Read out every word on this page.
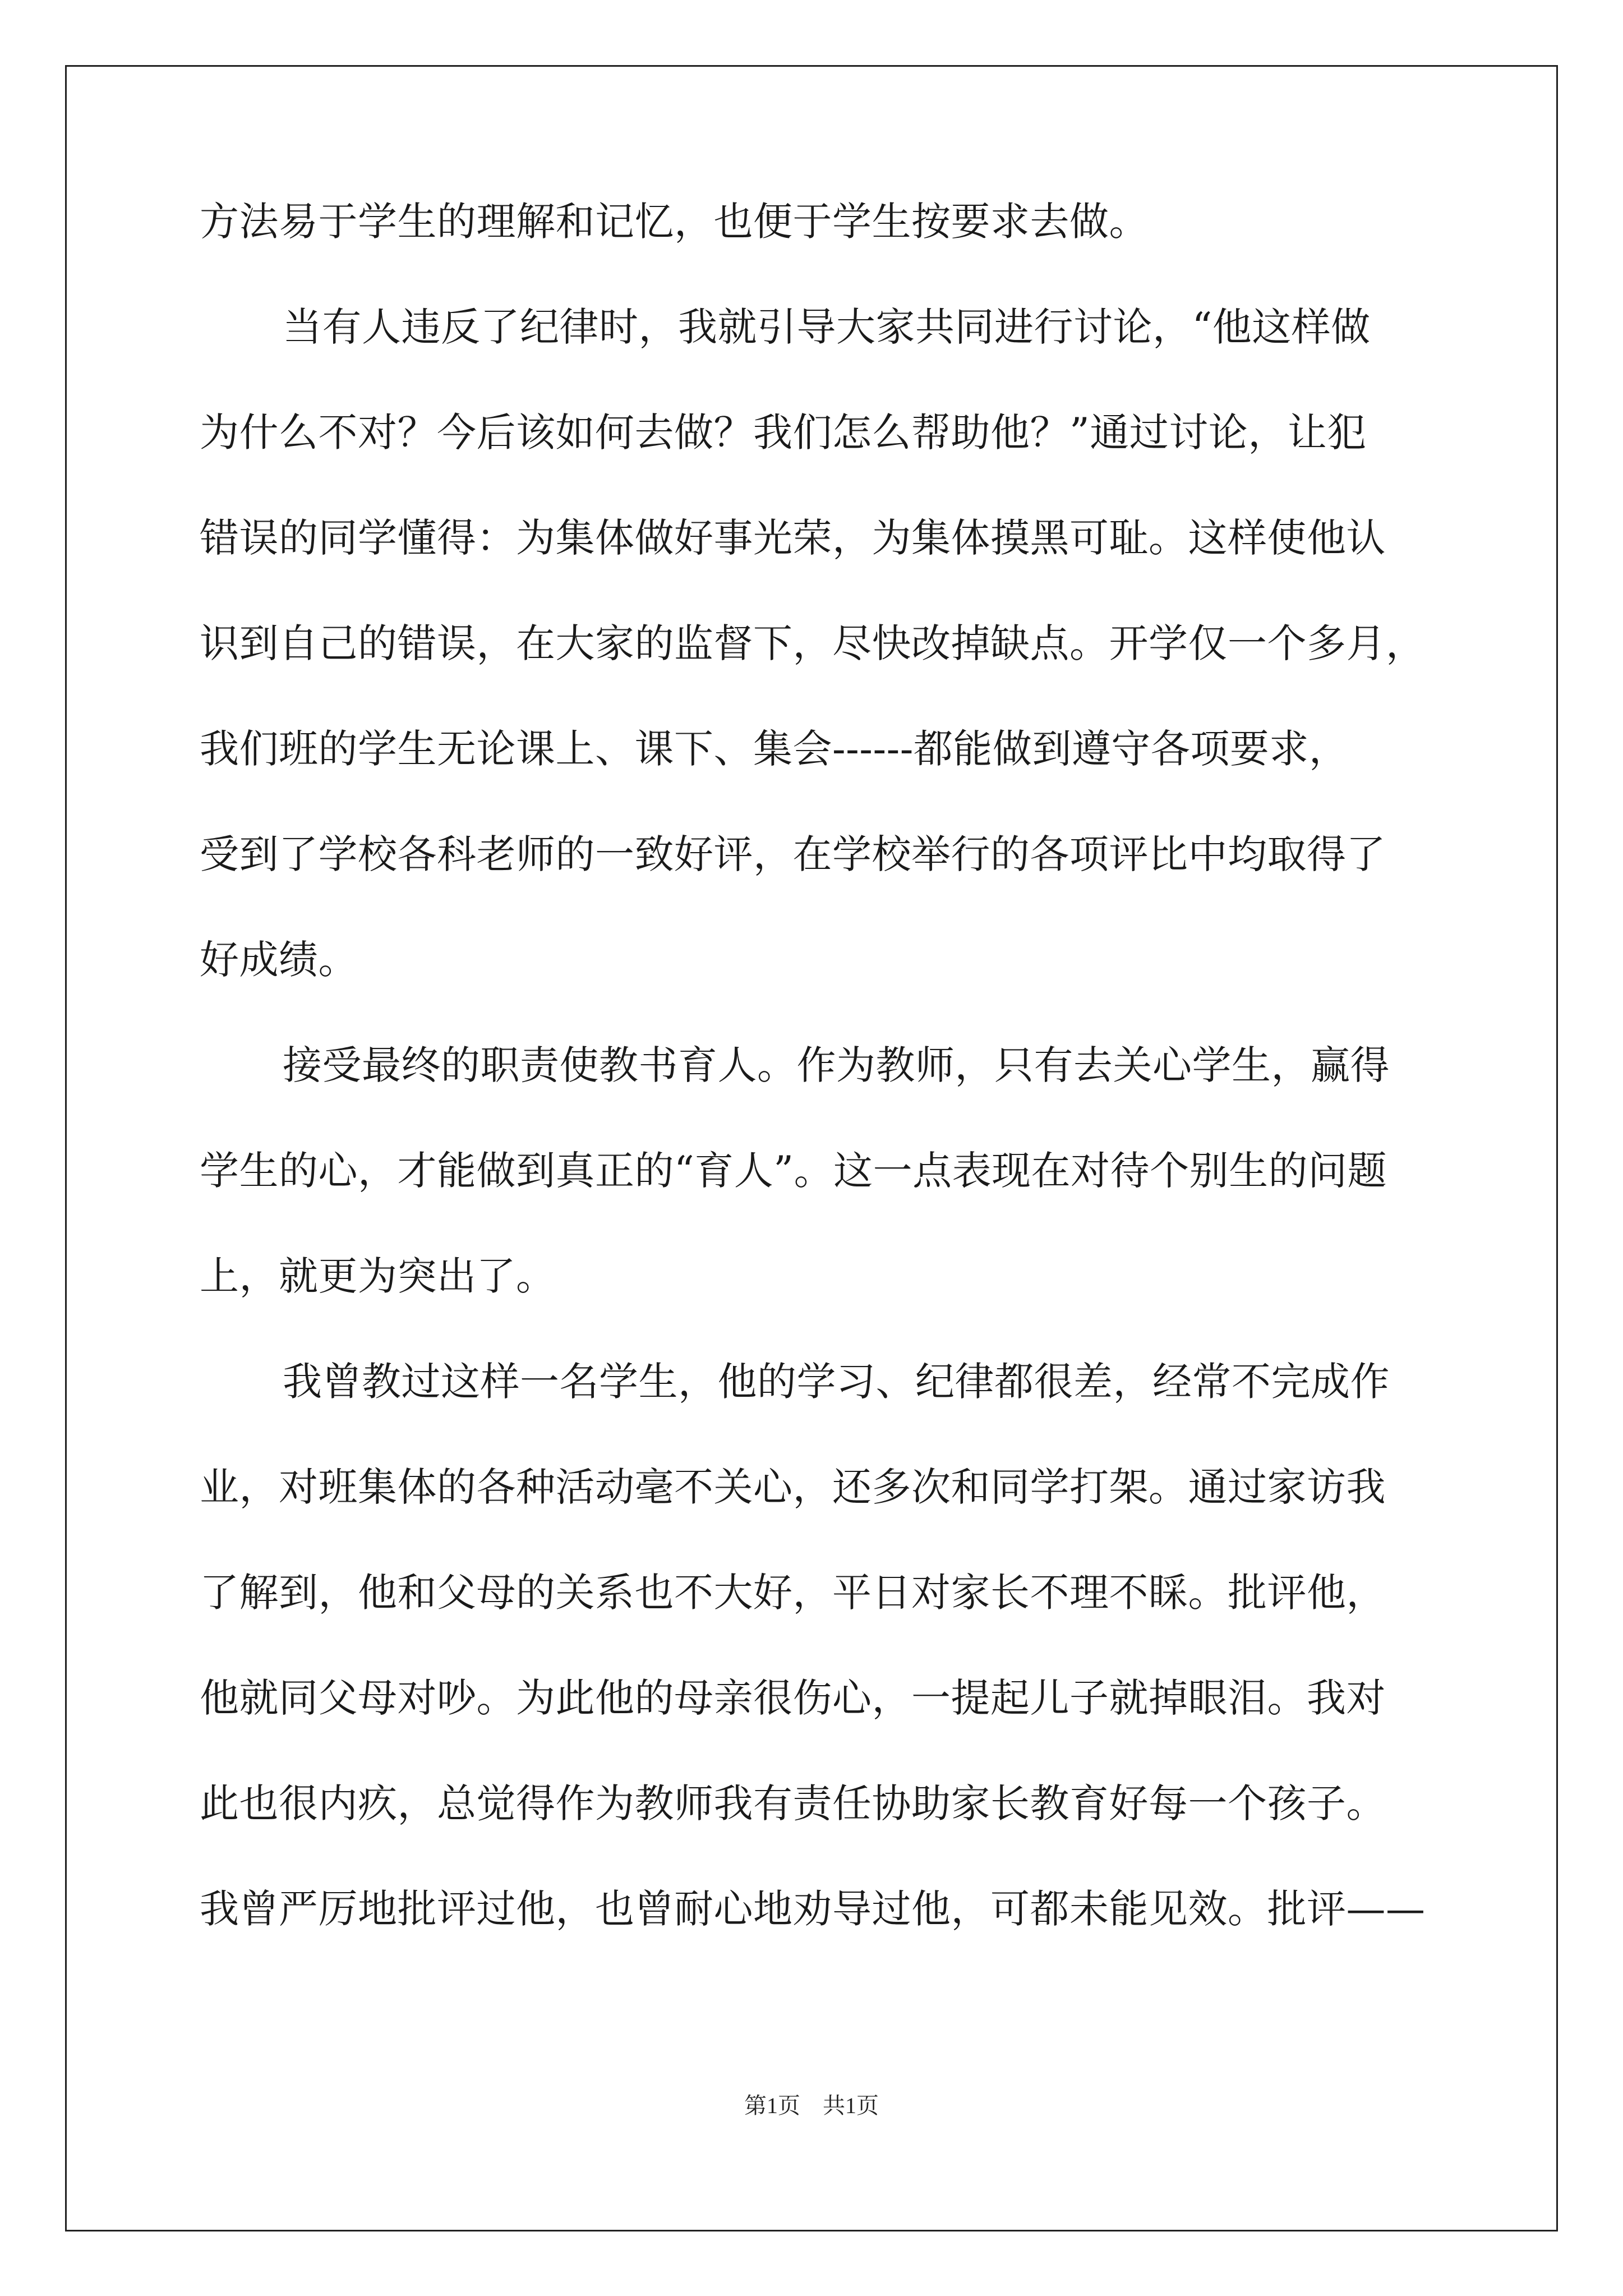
方法易于学生的理解和记忆，也便于学生按要求去做。
当有人违反了纪律时，我就引导大家共同进行讨论，“他这样做
为什么不对？今后该如何去做？我们怎么帮助他？”通过讨论，让犯
错误的同学懂得：为集体做好事光荣，为集体摸黑可耻。这样使他认
识到自己的错误，在大家的监督下，尽快改掉缺点。开学仅一个多月，
我们班的学生无论课上、课下、集会------都能做到遵守各项要求，
受到了学校各科老师的一致好评，在学校举行的各项评比中均取得了
好成绩。
接受最终的职责使教书育人。作为教师，只有去关心学生，赢得
学生的心，才能做到真正的“育人”。这一点表现在对待个别生的问题
上，就更为突出了。
我曾教过这样一名学生，他的学习、纪律都很差，经常不完成作
业，对班集体的各种活动毫不关心，还多次和同学打架。通过家访我
了解到，他和父母的关系也不大好，平日对家长不理不睬。批评他，
他就同父母对吵。为此他的母亲很伤心，一提起儿子就掉眼泪。我对
此也很内疚，总觉得作为教师我有责任协助家长教育好每一个孩子。
我曾严厉地批评过他，也曾耐心地劝导过他，可都未能见效。批评——
第1页　共1页
